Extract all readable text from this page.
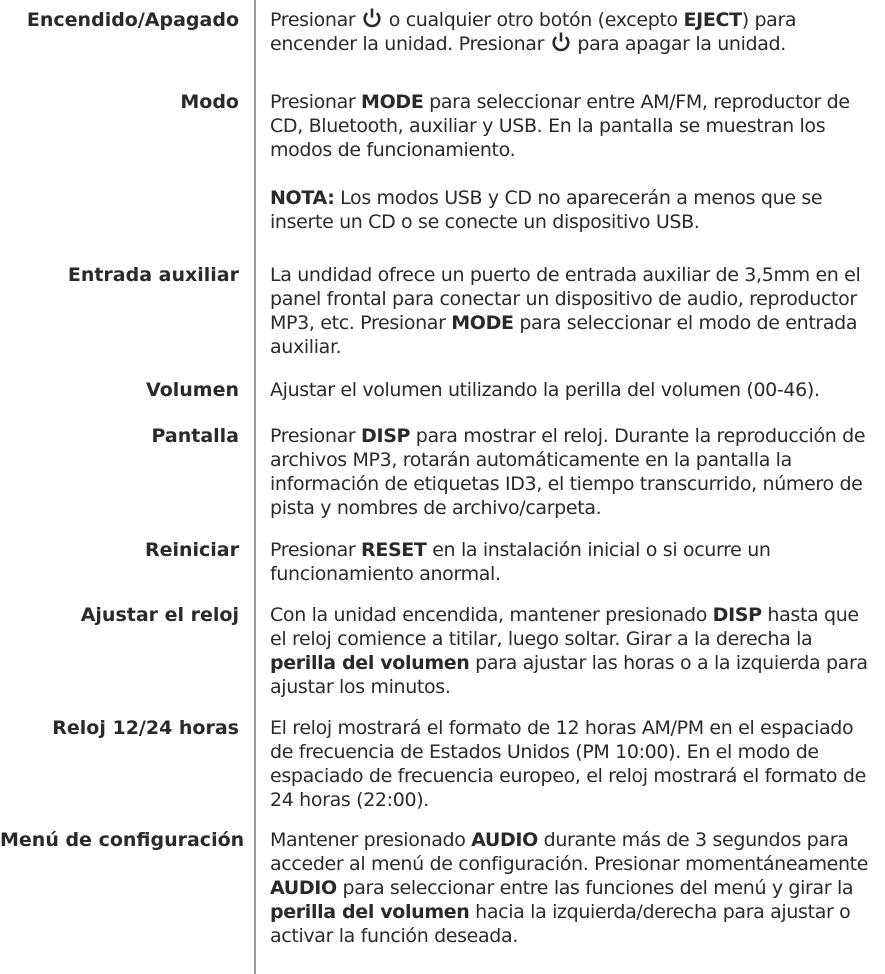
Encendido/Apagado Presionar  o cualquier otro botón (excepto EJECT) para encender la unidad. Presionar  para apagar la unidad.

Modo Presionar MODE para seleccionar entre AM/FM, reproductor de CD, Bluetooth, auxiliar y USB. En la pantalla se muestran los modos de funcionamiento.

NOTA: Los modos USB y CD no aparecerán a menos que se inserte un CD o se conecte un dispositivo USB.

Entrada auxiliar La undidad ofrece un puerto de entrada auxiliar de 3,5mm en el panel frontal para conectar un dispositivo de audio, reproductor MP3, etc. Presionar MODE para seleccionar el modo de entrada auxiliar.

Volumen Ajustar el volumen utilizando la perilla del volumen (00-46).

Pantalla Presionar DISP para mostrar el reloj. Durante la reproducción de archivos MP3, rotarán automáticamente en la pantalla la información de etiquetas ID3, el tiempo transcurrido, número de pista y nombres de archivo/carpeta.

Reiniciar Presionar RESET en la instalación inicial o si ocurre un funcionamiento anormal.

Ajustar el reloj Con la unidad encendida, mantener presionado DISP hasta que el reloj comience a titilar, luego soltar. Girar a la derecha la perilla del volumen para ajustar las horas o a la izquierda para ajustar los minutos.

Reloj 12/24 horas El reloj mostrará el formato de 12 horas AM/PM en el espaciado de frecuencia de Estados Unidos (PM 10:00). En el modo de espaciado de frecuencia europeo, el reloj mostrará el formato de 24 horas (22:00).

Menú de configuración Mantener presionado AUDIO durante más de 3 segundos para acceder al menú de configuración. Presionar momentáneamente AUDIO para seleccionar entre las funciones del menú y girar la perilla del volumen hacia la izquierda/derecha para ajustar o activar la función deseada.
